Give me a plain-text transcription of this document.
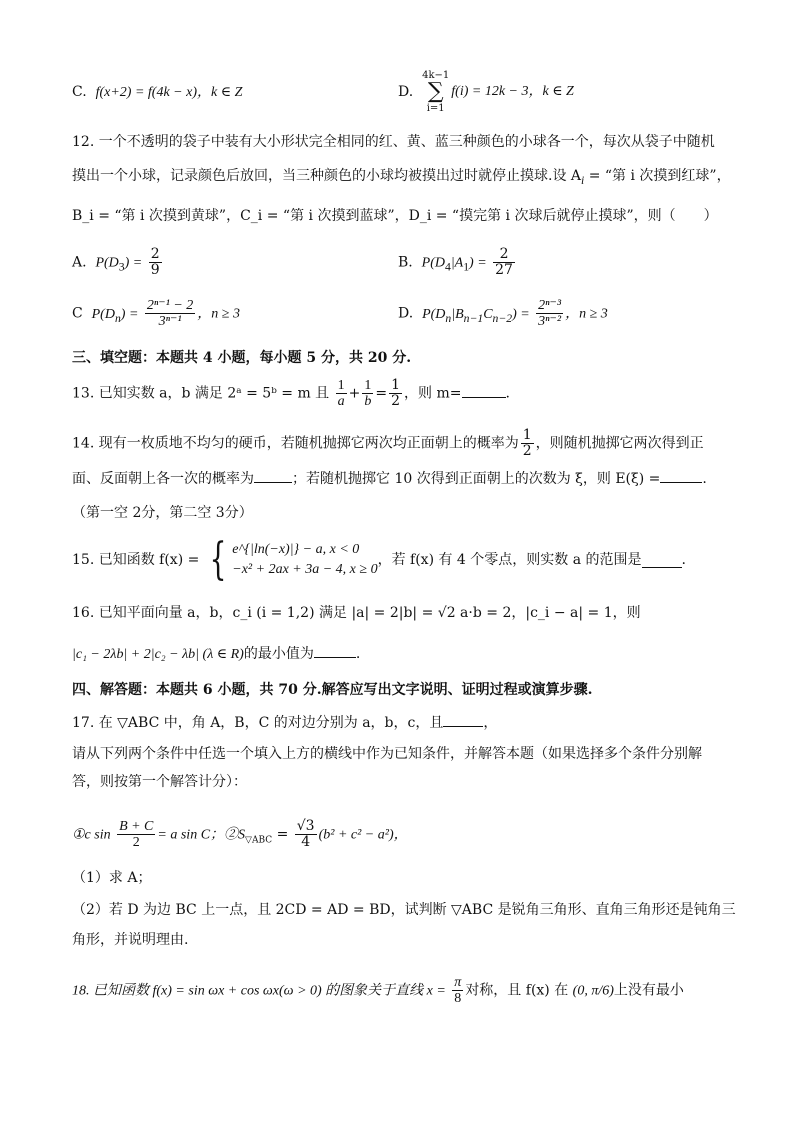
C. f(x+2) = f(4k − x)，k ∈ Z	D.  4k−1
∑
i=1f(i) = 12k − 3，k ∈ Z
12. 一个不透明的袋子中装有大小形状完全相同的红、黄、蓝三种颜色的小球各一个，每次从袋子中随机
摸出一个小球，记录颜色后放回，当三种颜色的小球均被摸出过时就停止摸球.设 $A_i$ = “第 i 次摸到红球”，
B_i = “第 i 次摸到黄球”，C_i = “第 i 次摸到蓝球”，D_i = “摸完第 i 次球后就停止摸球”，则（　　）
A. $P(D_3) = \frac{2}{9}$	B. $P(D_4|A_1) = \frac{2}{27}$
C $P(D_n) = \frac{\text{2ⁿ⁻¹ − 2}}{\text{3ⁿ⁻¹}}$ ，n ≥ 3	D. $P(D_n|B_{n-1}C_{n-2}) = \frac{\text{2ⁿ⁻³}}{\text{3ⁿ⁻²}}$ ，n ≥ 3
三、填空题：本题共 4 小题，每小题 5 分，共 20 分.
13. 已知实数 a，b 满足 2ᵃ = 5ᵇ = m 且 $\frac{1}{a} + \frac{1}{b} = \frac{1}{2}$ ，则 m=	.
14. 现有一枚质地不均匀的硬币，若随机抛掷它两次均正面朝上的概率为 $\frac{1}{2}$ ，则随机抛掷它两次得到正
面、反面朝上各一次的概率为	；若随机抛掷它 10 次得到正面朝上的次数为 ξ，则 E(ξ) =	.
（第一空 2分，第二空 3分）
15. 已知函数 f(x) = { e^{|ln(−x)|} − a, x < 0
−x² + 2ax + 3a − 4, x ≥ 0
，若 f(x) 有 4 个零点，则实数 a 的范围是	.
16. 已知平面向量 a，b，c_i (i = 1,2) 满足 |a| = 2|b| = √2 a·b = 2，|c_i − a| = 1，则
|c₁ − 2λb| + 2|c₂ − λb| (λ ∈ R)的最小值为	.
四、解答题：本题共 6 小题，共 70 分.解答应写出文字说明、证明过程或演算步骤.
17. 在 ▽ABC 中，角 A，B，C 的对边分别为 a，b，c，且	，
请从下列两个条件中任选一个填入上方的横线中作为已知条件，并解答本题（如果选择多个条件分别解
答，则按第一个解答计分）：
①c $\sin \frac{B + C}{2} = a$ sin C；$②S_{▽ABC} = \frac{√3}{4} (b^2 + c^2 - a^2)$，
（1）求 A；
（2）若 D 为边 BC 上一点，且 2CD = AD = BD，试判断 ▽ABC 是锐角三角形、直角三角形还是钝角三
角形，并说明理由.
18. 已知函数 f(x) = sin ωx + cos ωx(ω > 0) 的图象关于直线 $x = \frac{\pi}{8}$ 对称，且 f(x) 在 (0, π/6)上没有最小
